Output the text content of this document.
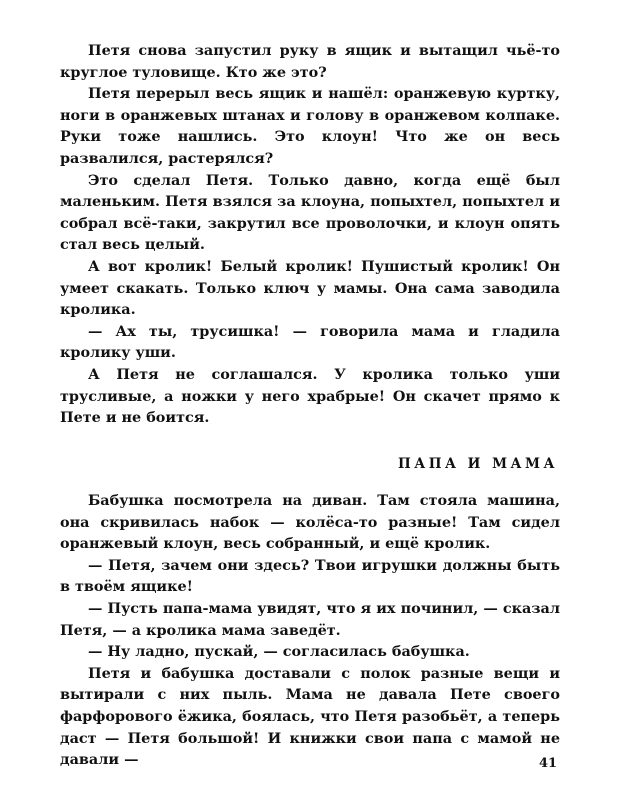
Петя снова запустил руку в ящик и вытащил чьё-то круглое туловище. Кто же это?

Петя перерыл весь ящик и нашёл: оранжевую куртку, ноги в оранжевых штанах и голову в оранжевом колпаке. Руки тоже нашлись. Это клоун! Что же он весь развалился, растерялся?

Это сделал Петя. Только давно, когда ещё был маленьким. Петя взялся за клоуна, попыхтел, попыхтел и собрал всё-таки, закрутил все проволочки, и клоун опять стал весь целый.

А вот кролик! Белый кролик! Пушистый кролик! Он умеет скакать. Только ключ у мамы. Она сама заводила кролика.

— Ах ты, трусишка! — говорила мама и гладила кролику уши.

А Петя не соглашался. У кролика только уши трусливые, а ножки у него храбрые! Он скачет прямо к Пете и не боится.

ПАПА И МАМА

Бабушка посмотрела на диван. Там стояла машина, она скривилась набок — колёса-то разные! Там сидел оранжевый клоун, весь собранный, и ещё кролик.

— Петя, зачем они здесь? Твои игрушки должны быть в твоём ящике!

— Пусть папа-мама увидят, что я их починил, — сказал Петя, — а кролика мама заведёт.

— Ну ладно, пускай, — согласилась бабушка.

Петя и бабушка доставали с полок разные вещи и вытирали с них пыль. Мама не давала Пете своего фарфорового ёжика, боялась, что Петя разобьёт, а теперь даст — Петя большой! И книжки свои папа с мамой не давали —	41
